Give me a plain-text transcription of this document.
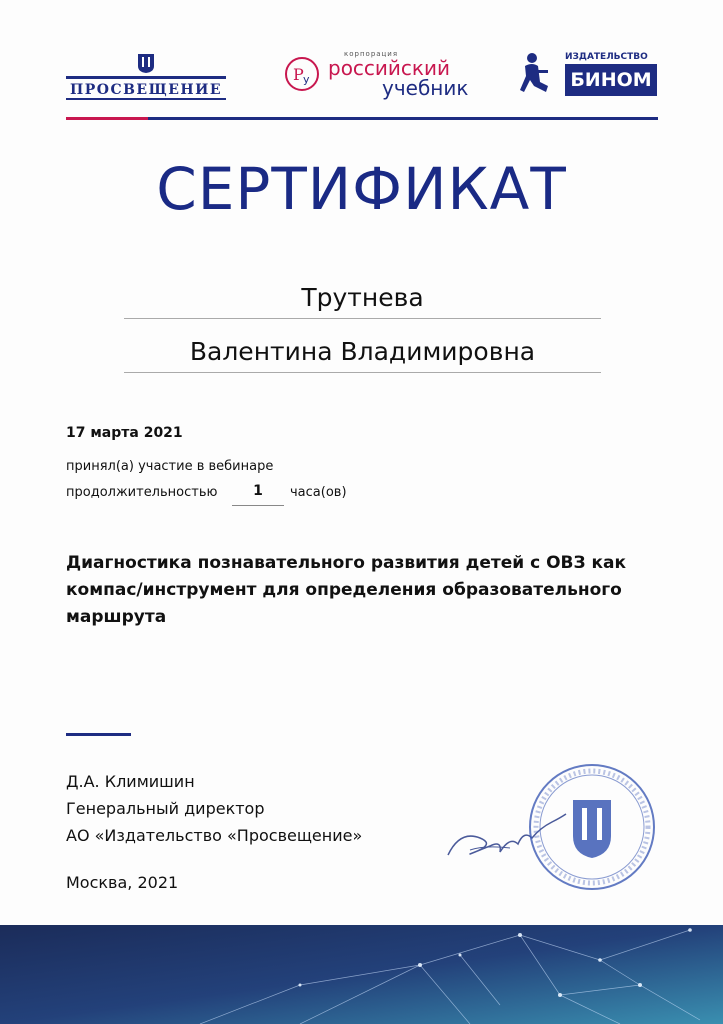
ПРОСВЕЩЕНИЕ
P у
корпорация
российский
учебник
ИЗДАТЕЛЬСТВО
БИНОМ
СЕРТИФИКАТ
Трутнева
Валентина Владимировна
17 марта 2021
принял(а) участие в вебинаре
продолжительностью	1	часа(ов)
Диагностика познавательного развития детей с ОВЗ как компас/инструмент для определения образовательного маршрута
Д.А. Климишин
Генеральный директор
АО «Издательство «Просвещение»
Москва, 2021
